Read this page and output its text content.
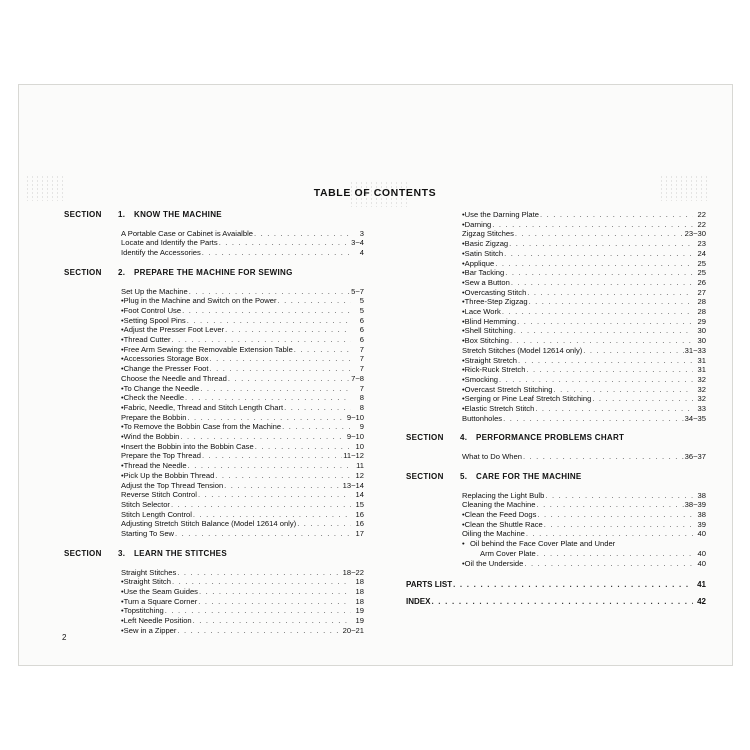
TABLE OF CONTENTS
SECTION	1.	KNOW THE MACHINE
A Portable Case or Cabinet is Avaialble . . .	3
Locate and Identify the Parts . . .	3~4
Identify the Accessories . . .	4
SECTION	2.	PREPARE THE MACHINE FOR SEWING
Set Up the Machine . . .	5~7
• Plug in the Machine and Switch on the Power . . .	5
• Foot Control Use . . .	5
• Setting Spool Pins . . .	6
• Adjust the Presser Foot Lever . . .	6
• Thread Cutter . . .	6
• Free Arm Sewing: the Removable Extension Table . . .	7
• Accessories Storage Box . . .	7
• Change the Presser Foot . . .	7
Choose the Needle and Thread . . .	7~8
• To Change the Needle . . .	7
• Check the Needle . . .	8
• Fabric, Needle, Thread and Stitch Length Chart . . .	8
Prepare the Bobbin . . .	9~10
• To Remove the Bobbin Case from the Machine . . .	9
• Wind the Bobbin . . .	9~10
• Insert the Bobbin into the Bobbin Case . . .	10
Prepare the Top Thread . . .	11~12
• Thread the Needle . . .	11
• Pick Up the Bobbin Thread . . .	12
Adjust the Top Thread Tension . . .	13~14
Reverse Stitch Control . . .	14
Stitch Selector . . .	15
Stitch Length Control . . .	16
Adjusting Stretch Stitch Balance (Model 12614 only) . . .	16
Starting To Sew . . .	17
SECTION	3.	LEARN THE STITCHES
Straight Stitches . . .	18~22
• Straight Stitch . . .	18
• Use the Seam Guides . . .	18
• Turn a Square Corner . . .	18
• Topstitching . . .	19
• Left Needle Position . . .	19
• Sew in a Zipper . . .	20~21
• Use the Darning Plate . . .	22
• Darning . . .	22
Zigzag Stitches . . .	23~30
• Basic Zigzag . . .	23
• Satin Stitch . . .	24
• Applique . . .	25
• Bar Tacking . . .	25
• Sew a Button . . .	26
• Overcasting Stitch . . .	27
• Three-Step Zigzag . . .	28
• Lace Work . . .	28
• Blind Hemming . . .	29
• Shell Stitching . . .	30
• Box Stitching . . .	30
Stretch Stitches (Model 12614 only) . . .	31~33
• Straight Stretch . . .	31
• Rick-Ruck Stretch . . .	31
• Smocking . . .	32
• Overcast Stretch Stitching . . .	32
• Serging or Pine Leaf Stretch Stitching . . .	32
• Elastic Stretch Stitch . . .	33
Buttonholes . . .	34~35
SECTION	4.	PERFORMANCE PROBLEMS CHART
What to Do When . . .	36~37
SECTION	5.	CARE FOR THE MACHINE
Replacing the Light Bulb . . .	38
Cleaning the Machine . . .	38~39
• Clean the Feed Dogs . . .	38
• Clean the Shuttle Race . . .	39
Oiling the Machine . . .	40
• Oil behind the Face Cover Plate and Under
Arm Cover Plate . . .	40
• Oil the Underside . . .	40
PARTS LIST . . .	41
INDEX . . .	42
2
